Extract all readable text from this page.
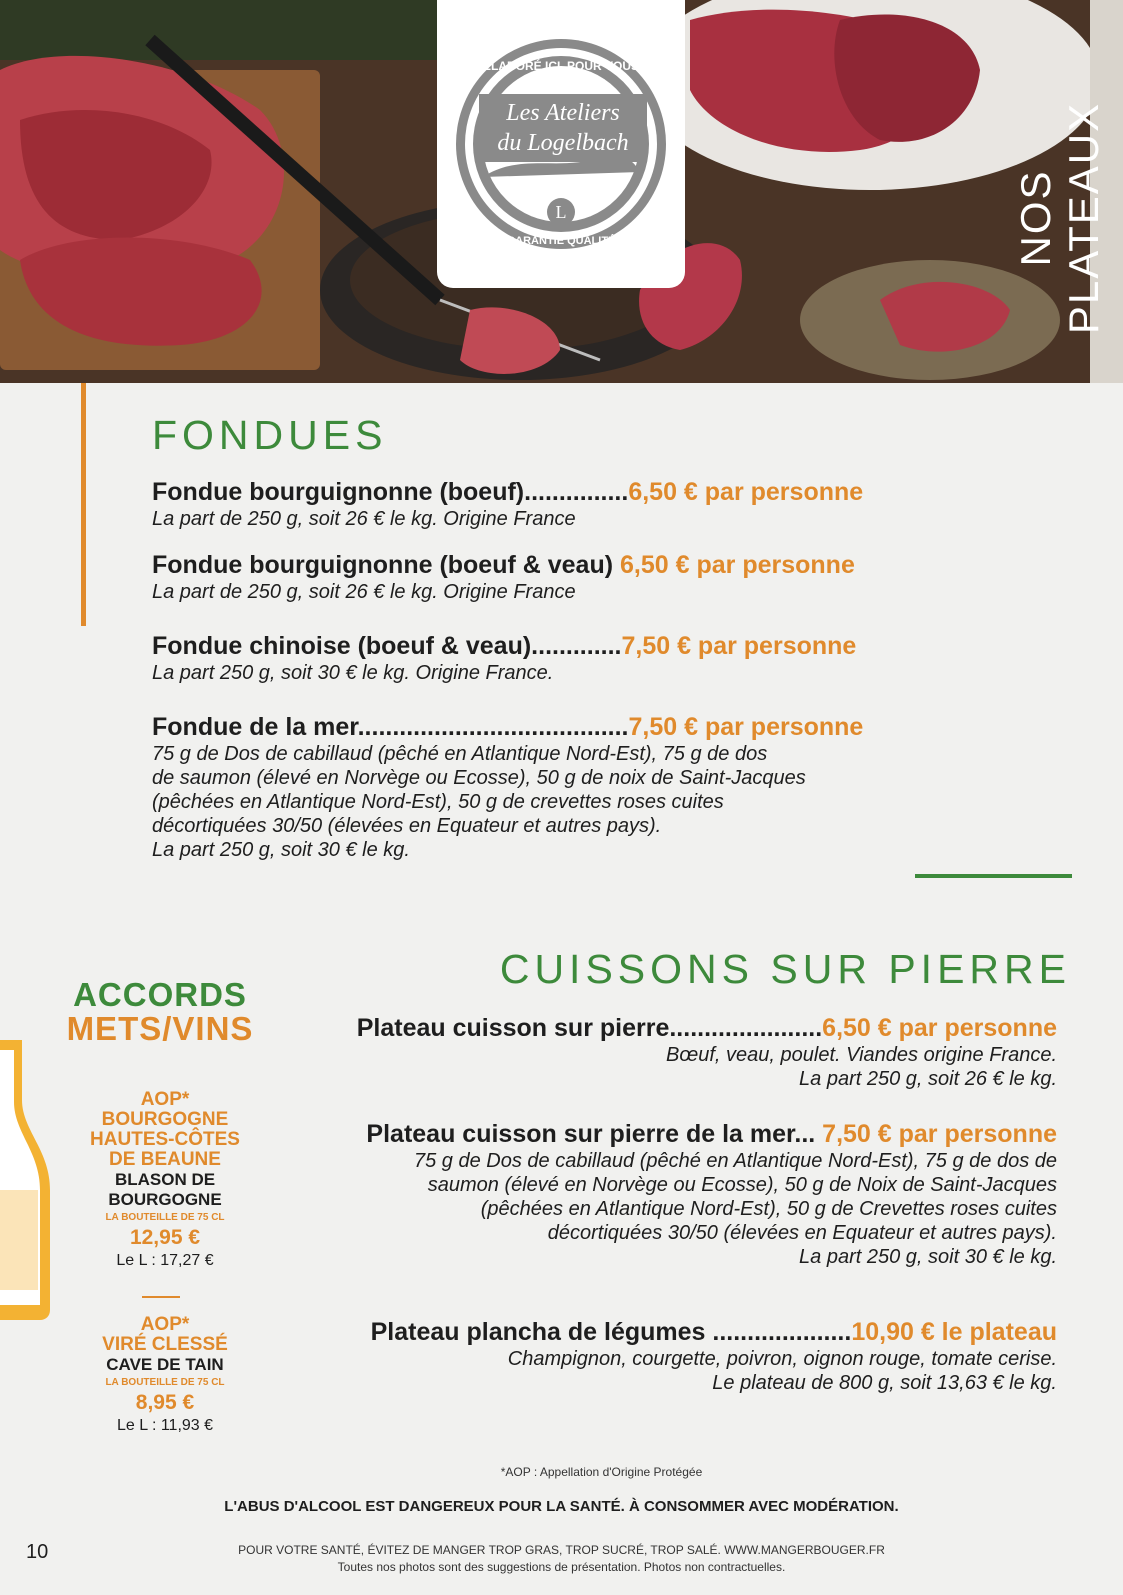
L
ELABORÉ ICI, POUR VOUS
Les Ateliers
du Logelbach
GARANTIE QUALITÉ	NOS PLATEAUX
FONDUES
Fondue bourguignonne (boeuf)...............6,50 € par personne
La part de 250 g, soit 26 € le kg. Origine France
Fondue bourguignonne (boeuf & veau) 6,50 € par personne
La part de 250 g, soit 26 € le kg. Origine France
Fondue chinoise (boeuf & veau).............7,50 € par personne
La part 250 g, soit 30 € le kg. Origine France.
Fondue de la mer.......................................7,50 € par personne
75 g de Dos de cabillaud (pêché en Atlantique Nord-Est), 75 g de dos
de saumon (élevé en Norvège ou Ecosse), 50 g de noix de Saint-Jacques
(pêchées en Atlantique Nord-Est), 50 g de crevettes roses cuites
décortiquées 30/50 (élevées en Equateur et autres pays).
La part 250 g, soit 30 € le kg.
CUISSONS SUR PIERRE
Plateau cuisson sur pierre......................6,50 € par personne
Bœuf, veau, poulet. Viandes origine France.
La part 250 g, soit 26 € le kg.
Plateau cuisson sur pierre de la mer... 7,50 € par personne
75 g de Dos de cabillaud (pêché en Atlantique Nord-Est), 75 g de dos de
saumon (élevé en Norvège ou Ecosse), 50 g de Noix de Saint-Jacques
(pêchées en Atlantique Nord-Est), 50 g de Crevettes roses cuites
décortiquées 30/50 (élevées en Equateur et autres pays).
La part 250 g, soit 30 € le kg.
Plateau plancha de légumes ....................10,90 € le plateau
Champignon, courgette, poivron, oignon rouge, tomate cerise.
Le plateau de 800 g, soit 13,63 € le kg.
ACCORDS
METS/VINS
AOP*
BOURGOGNE
HAUTES-CÔTES
DE BEAUNE
BLASON DE
BOURGOGNE
LA BOUTEILLE DE 75 CL
12,95 €
Le L : 17,27 €
AOP*
VIRÉ CLESSÉ
CAVE DE TAIN
LA BOUTEILLE DE 75 CL
8,95 €
Le L : 11,93 €
*AOP : Appellation d'Origine Protégée
L'ABUS D'ALCOOL EST DANGEREUX POUR LA SANTÉ. À CONSOMMER AVEC MODÉRATION.
POUR VOTRE SANTÉ, ÉVITEZ DE MANGER TROP GRAS, TROP SUCRÉ, TROP SALÉ. WWW.MANGERBOUGER.FR
Toutes nos photos sont des suggestions de présentation. Photos non contractuelles.
10
